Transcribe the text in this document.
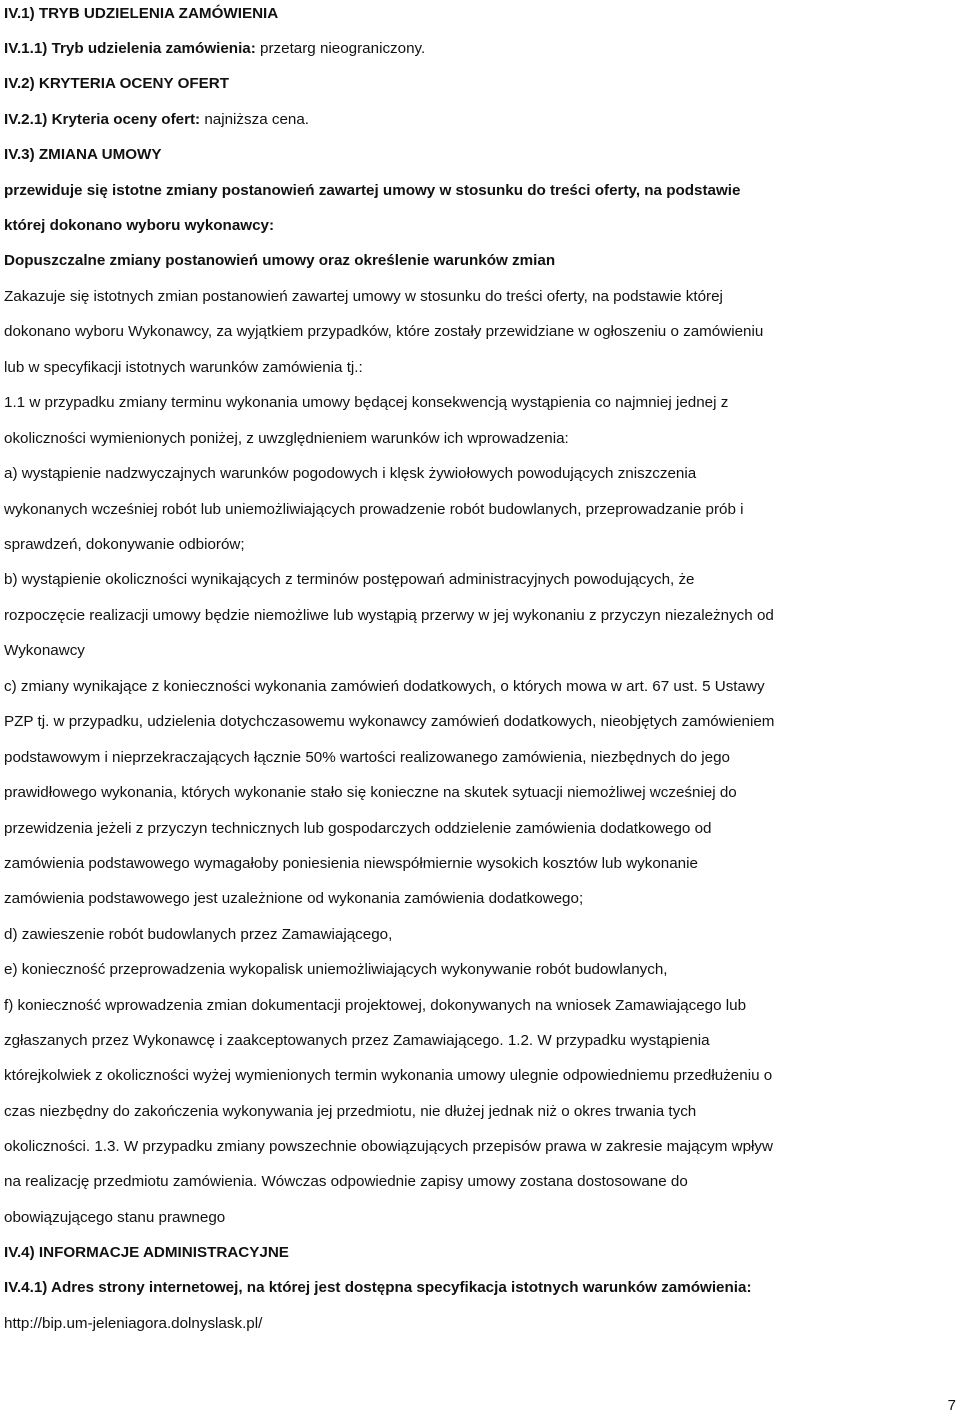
IV.1) TRYB UDZIELENIA ZAMÓWIENIA
IV.1.1) Tryb udzielenia zamówienia: przetarg nieograniczony.
IV.2) KRYTERIA OCENY OFERT
IV.2.1) Kryteria oceny ofert: najniższa cena.
IV.3) ZMIANA UMOWY
przewiduje się istotne zmiany postanowień zawartej umowy w stosunku do treści oferty, na podstawie
której dokonano wyboru wykonawcy:
Dopuszczalne zmiany postanowień umowy oraz określenie warunków zmian
Zakazuje się istotnych zmian postanowień zawartej umowy w stosunku do treści oferty, na podstawie której
dokonano wyboru Wykonawcy, za wyjątkiem przypadków, które zostały przewidziane w ogłoszeniu o zamówieniu
lub w specyfikacji istotnych warunków zamówienia tj.:
1.1 w przypadku zmiany terminu wykonania umowy będącej konsekwencją wystąpienia co najmniej jednej z
okoliczności wymienionych poniżej, z uwzględnieniem warunków ich wprowadzenia:
a) wystąpienie nadzwyczajnych warunków pogodowych i klęsk żywiołowych powodujących zniszczenia
wykonanych wcześniej robót lub uniemożliwiających prowadzenie robót budowlanych, przeprowadzanie prób i
sprawdzeń, dokonywanie odbiorów;
b) wystąpienie okoliczności wynikających z terminów postępowań administracyjnych powodujących, że
rozpoczęcie realizacji umowy będzie niemożliwe lub wystąpią przerwy w jej wykonaniu z przyczyn niezależnych od
Wykonawcy
c) zmiany wynikające z konieczności wykonania zamówień dodatkowych, o których mowa w art. 67 ust. 5 Ustawy
PZP tj. w przypadku, udzielenia dotychczasowemu wykonawcy zamówień dodatkowych, nieobjętych zamówieniem
podstawowym i nieprzekraczających łącznie 50% wartości realizowanego zamówienia, niezbędnych do jego
prawidłowego wykonania, których wykonanie stało się konieczne na skutek sytuacji niemożliwej wcześniej do
przewidzenia jeżeli z przyczyn technicznych lub gospodarczych oddzielenie zamówienia dodatkowego od
zamówienia podstawowego wymagałoby poniesienia niewspółmiernie wysokich kosztów lub wykonanie
zamówienia podstawowego jest uzależnione od wykonania zamówienia dodatkowego;
d) zawieszenie robót budowlanych przez Zamawiającego,
e) konieczność przeprowadzenia wykopalisk uniemożliwiających wykonywanie robót budowlanych,
f) konieczność wprowadzenia zmian dokumentacji projektowej, dokonywanych na wniosek Zamawiającego lub
zgłaszanych przez Wykonawcę i zaakceptowanych przez Zamawiającego. 1.2. W przypadku wystąpienia
którejkolwiek z okoliczności wyżej wymienionych termin wykonania umowy ulegnie odpowiedniemu przedłużeniu o
czas niezbędny do zakończenia wykonywania jej przedmiotu, nie dłużej jednak niż o okres trwania tych
okoliczności. 1.3. W przypadku zmiany powszechnie obowiązujących przepisów prawa w zakresie mającym wpływ
na realizację przedmiotu zamówienia. Wówczas odpowiednie zapisy umowy zostana dostosowane do
obowiązującego stanu prawnego
IV.4) INFORMACJE ADMINISTRACYJNE
IV.4.1) Adres strony internetowej, na której jest dostępna specyfikacja istotnych warunków zamówienia:
http://bip.um-jeleniagora.dolnyslask.pl/
7
